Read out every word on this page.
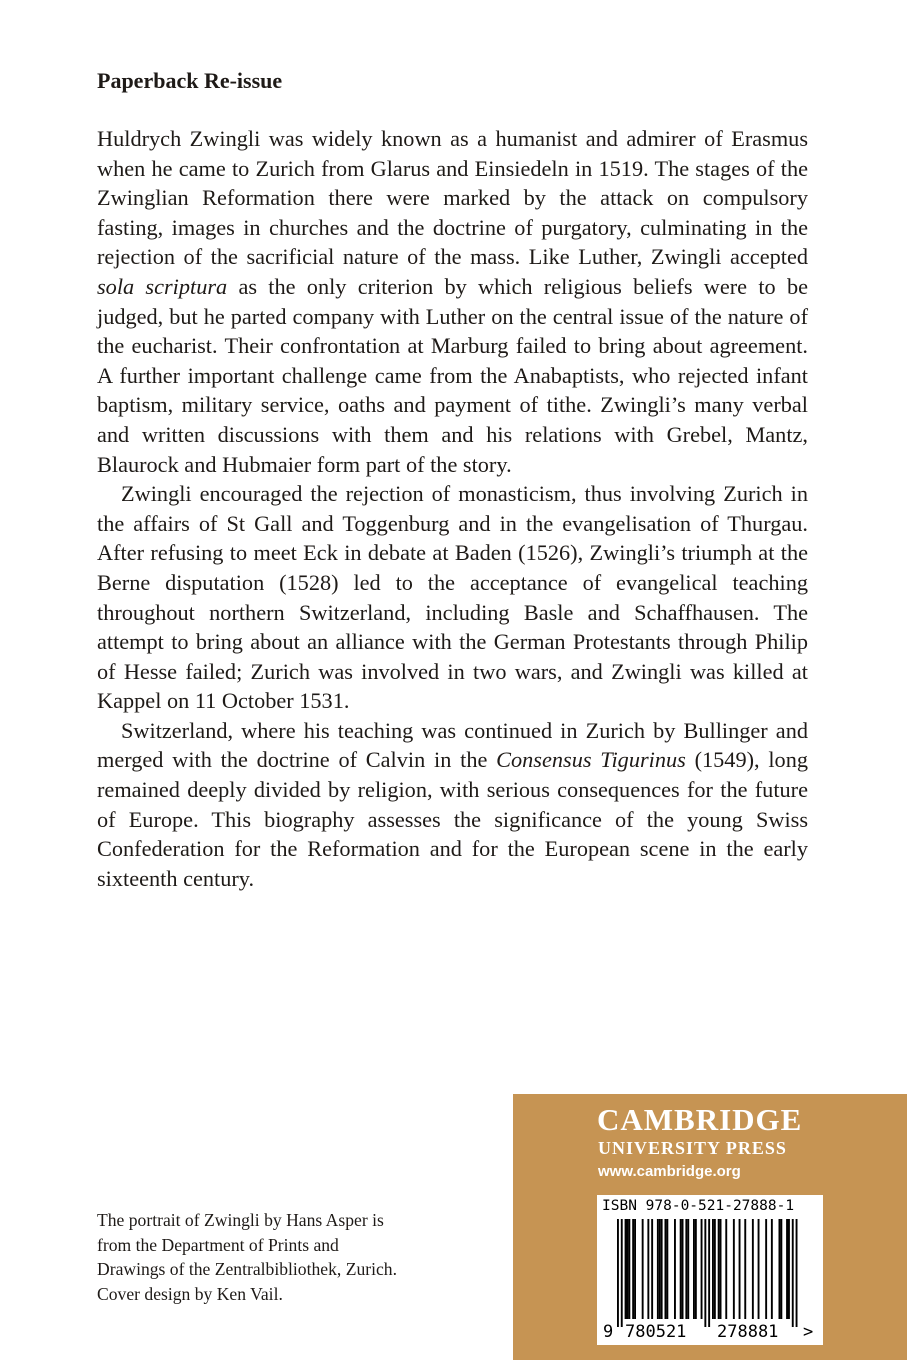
Paperback Re-issue

Huldrych Zwingli was widely known as a humanist and admirer of Erasmus when he came to Zurich from Glarus and Einsiedeln in 1519. The stages of the Zwinglian Reformation there were marked by the attack on compulsory fasting, images in churches and the doctrine of purgatory, culminating in the rejection of the sacrificial nature of the mass. Like Luther, Zwingli accepted sola scriptura as the only criterion by which religious beliefs were to be judged, but he parted company with Luther on the central issue of the nature of the eucharist. Their confrontation at Marburg failed to bring about agreement. A further important challenge came from the Anabaptists, who rejected infant baptism, military service, oaths and payment of tithe. Zwingli’s many verbal and written discussions with them and his relations with Grebel, Mantz, Blaurock and Hubmaier form part of the story.

Zwingli encouraged the rejection of monasticism, thus involving Zurich in the affairs of St Gall and Toggenburg and in the evangelisation of Thurgau. After refusing to meet Eck in debate at Baden (1526), Zwingli’s triumph at the Berne disputation (1528) led to the acceptance of evangelical teaching throughout northern Switzerland, including Basle and Schaffhausen. The attempt to bring about an alliance with the German Protestants through Philip of Hesse failed; Zurich was involved in two wars, and Zwingli was killed at Kappel on 11 October 1531.

Switzerland, where his teaching was continued in Zurich by Bullinger and merged with the doctrine of Calvin in the Consensus Tigurinus (1549), long remained deeply divided by religion, with serious consequences for the future of Europe. This biography assesses the significance of the young Swiss Confederation for the Reformation and for the European scene in the early sixteenth century.

The portrait of Zwingli by Hans Asper is
from the Department of Prints and
Drawings of the Zentralbibliothek, Zurich.
Cover design by Ken Vail.
CAMBRIDGE
UNIVERSITY PRESS
www.cambridge.org
9 780521 278881 >
ISBN 978-0-521-27888-1
